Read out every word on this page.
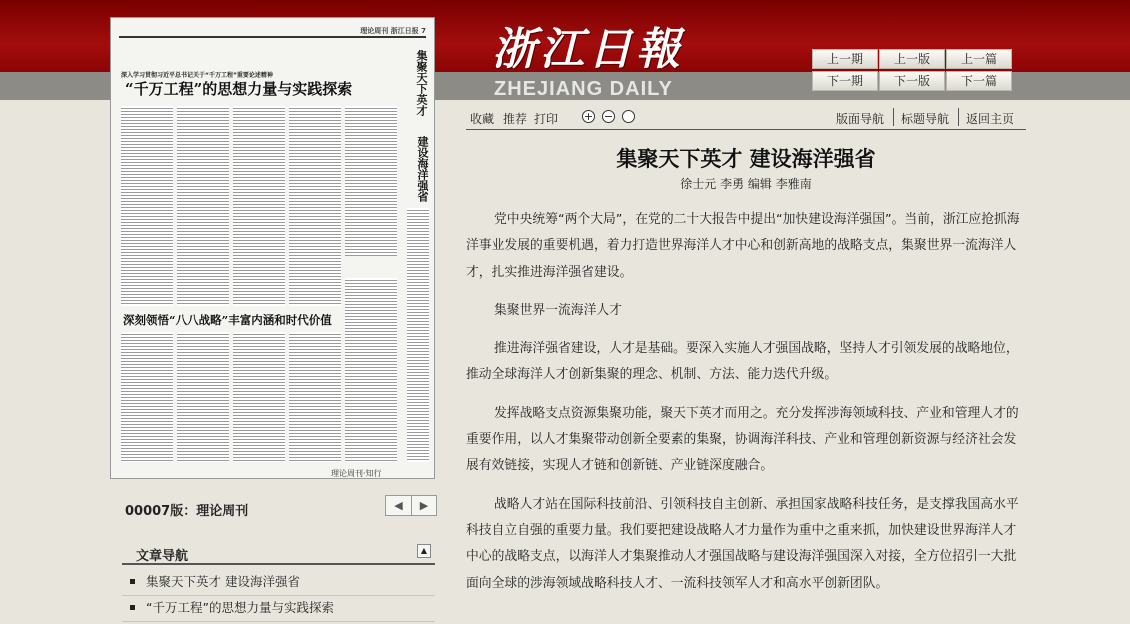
浙江日報
ZHEJIANG DAILY
上一期	上一版	上一篇
下一期	下一版	下一篇
理论周刊 浙江日报 7
深入学习贯彻习近平总书记关于“千万工程”重要论述精神
“千万工程”的思想力量与实践探索
深刻领悟“八八战略”丰富内涵和时代价值
集聚天下英才
建设海洋强省
理论周刊·知行
00007版：理论周刊	◀	▶
文章导航	▲
集聚天下英才 建设海洋强省
“千万工程”的思想力量与实践探索
收藏 推荐 打印 + −	版面导航 标题导航 返回主页
集聚天下英才 建设海洋强省
徐士元 李勇 编辑 李雅南

党中央统筹“两个大局”，在党的二十大报告中提出“加快建设海洋强国”。当前，浙江应抢抓海洋事业发展的重要机遇，着力打造世界海洋人才中心和创新高地的战略支点，集聚世界一流海洋人才，扎实推进海洋强省建设。

集聚世界一流海洋人才

推进海洋强省建设，人才是基础。要深入实施人才强国战略，坚持人才引领发展的战略地位，推动全球海洋人才创新集聚的理念、机制、方法、能力迭代升级。

发挥战略支点资源集聚功能，聚天下英才而用之。充分发挥涉海领域科技、产业和管理人才的重要作用，以人才集聚带动创新全要素的集聚，协调海洋科技、产业和管理创新资源与经济社会发展有效链接，实现人才链和创新链、产业链深度融合。

战略人才站在国际科技前沿、引领科技自主创新、承担国家战略科技任务，是支撑我国高水平科技自立自强的重要力量。我们要把建设战略人才力量作为重中之重来抓，加快建设世界海洋人才中心的战略支点，以海洋人才集聚推动人才强国战略与建设海洋强国深入对接，全方位招引一大批面向全球的涉海领域战略科技人才、一流科技领军人才和高水平创新团队。
